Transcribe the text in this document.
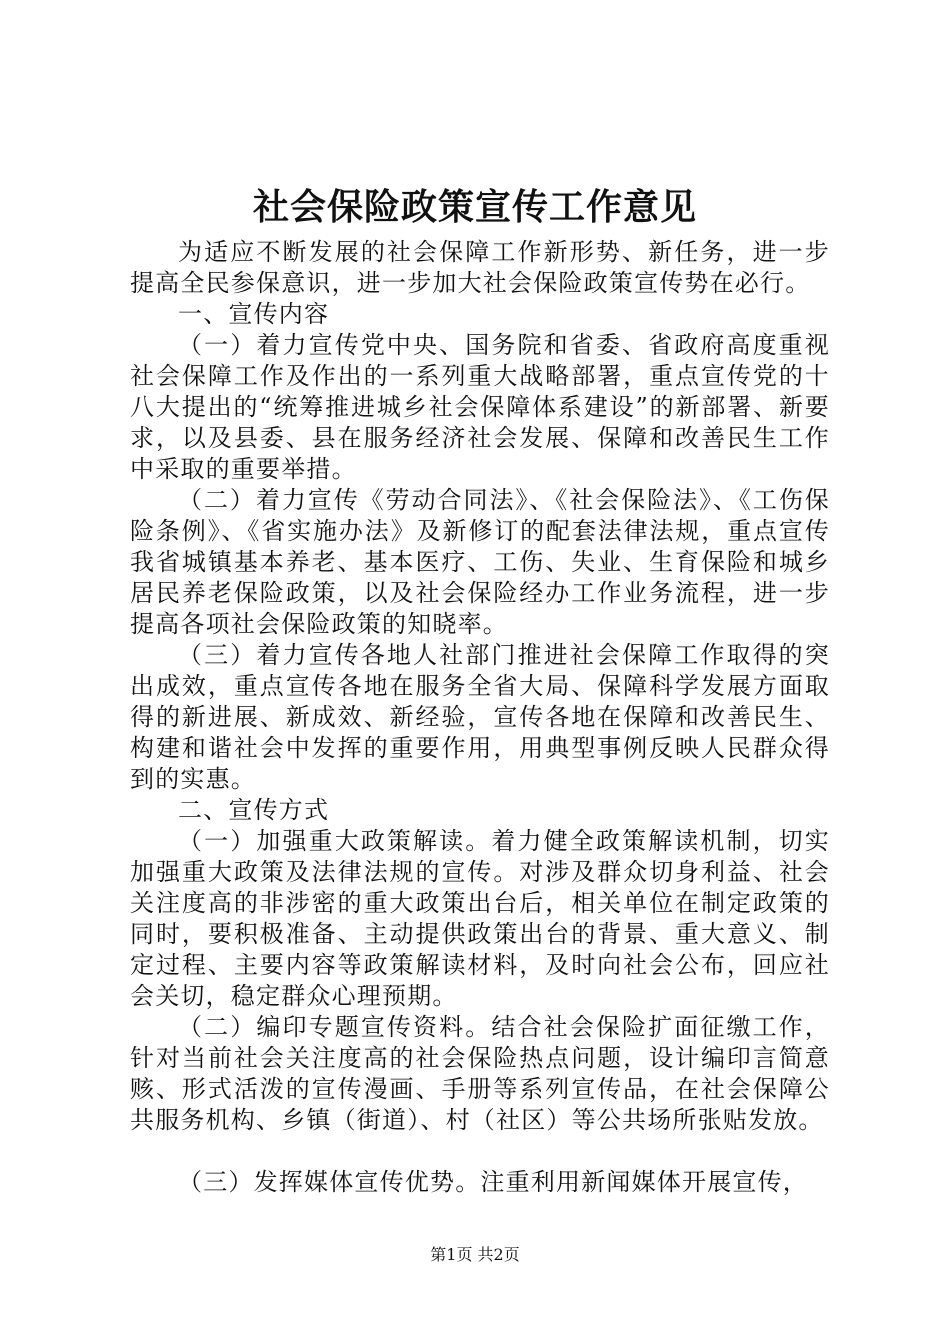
社会保险政策宣传工作意见

为适应不断发展的社会保障工作新形势、新任务，进一步提高全民参保意识，进一步加大社会保险政策宣传势在必行。

一、宣传内容

（一）着力宣传党中央、国务院和省委、省政府高度重视社会保障工作及作出的一系列重大战略部署，重点宣传党的十八大提出的“统筹推进城乡社会保障体系建设”的新部署、新要求，以及县委、县在服务经济社会发展、保障和改善民生工作中采取的重要举措。

（二）着力宣传《劳动合同法》、《社会保险法》、《工伤保险条例》、《省实施办法》及新修订的配套法律法规，重点宣传我省城镇基本养老、基本医疗、工伤、失业、生育保险和城乡居民养老保险政策，以及社会保险经办工作业务流程，进一步提高各项社会保险政策的知晓率。

（三）着力宣传各地人社部门推进社会保障工作取得的突出成效，重点宣传各地在服务全省大局、保障科学发展方面取得的新进展、新成效、新经验，宣传各地在保障和改善民生、构建和谐社会中发挥的重要作用，用典型事例反映人民群众得到的实惠。

二、宣传方式

（一）加强重大政策解读。着力健全政策解读机制，切实加强重大政策及法律法规的宣传。对涉及群众切身利益、社会关注度高的非涉密的重大政策出台后，相关单位在制定政策的同时，要积极准备、主动提供政策出台的背景、重大意义、制定过程、主要内容等政策解读材料，及时向社会公布，回应社会关切，稳定群众心理预期。

（二）编印专题宣传资料。结合社会保险扩面征缴工作，针对当前社会关注度高的社会保险热点问题，设计编印言简意赅、形式活泼的宣传漫画、手册等系列宣传品，在社会保障公共服务机构、乡镇（街道）、村（社区）等公共场所张贴发放。

（三）发挥媒体宣传优势。注重利用新闻媒体开展宣传，

第1页 共2页
